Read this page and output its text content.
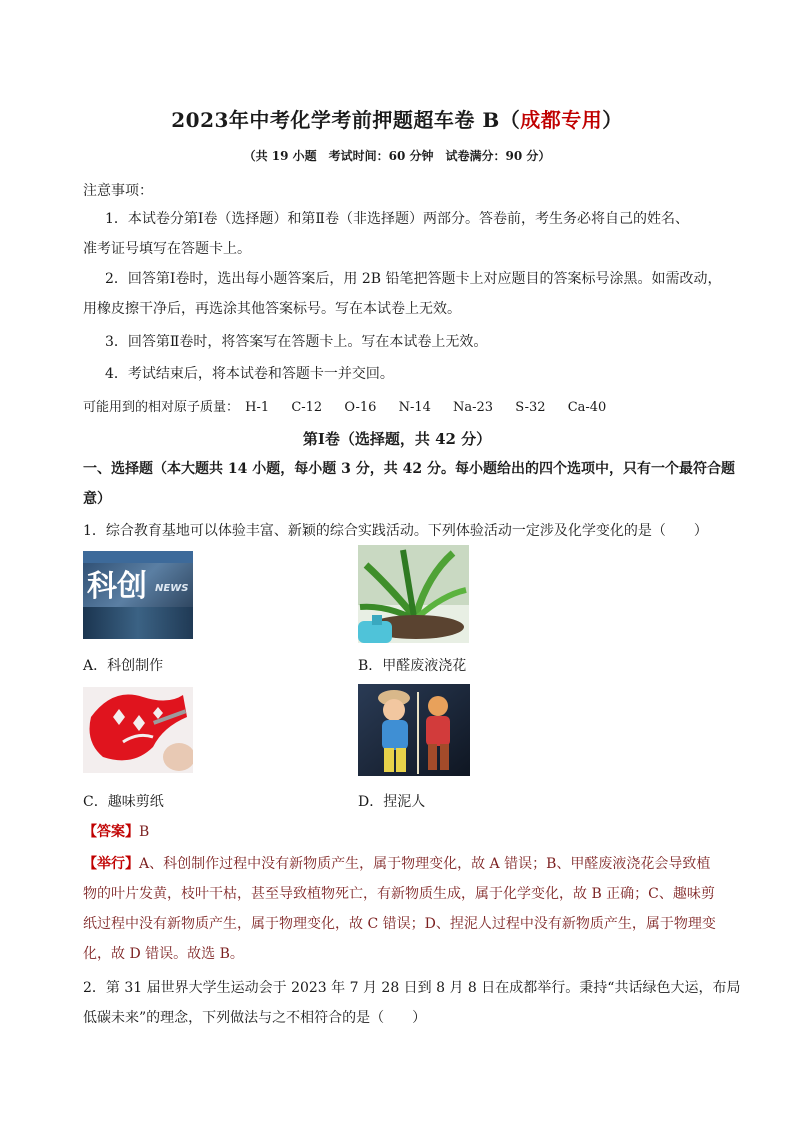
2023年中考化学考前押题超车卷 B（成都专用）
（共 19 小题　考试时间：60 分钟　试卷满分：90 分）
注意事项：
1．本试卷分第Ⅰ卷（选择题）和第Ⅱ卷（非选择题）两部分。答卷前，考生务必将自己的姓名、
准考证号填写在答题卡上。
2．回答第Ⅰ卷时，选出每小题答案后，用 2B 铅笔把答题卡上对应题目的答案标号涂黑。如需改动，
用橡皮擦干净后，再选涂其他答案标号。写在本试卷上无效。
3．回答第Ⅱ卷时，将答案写在答题卡上。写在本试卷上无效。
4．考试结束后，将本试卷和答题卡一并交回。
可能用到的相对原子质量： H-1 C-12 O-16 N-14 Na-23 S-32 Ca-40
第Ⅰ卷（选择题，共 42 分）
一、选择题（本大题共 14 小题，每小题 3 分，共 42 分。每小题给出的四个选项中，只有一个最符合题
意）
1．综合教育基地可以体验丰富、新颖的综合实践活动。下列体验活动一定涉及化学变化的是（　　）
科创 NEWS
A．科创制作	B．甲醛废液浇花
C．趣味剪纸	D．捏泥人
【答案】B
【举行】A、科创制作过程中没有新物质产生，属于物理变化，故 A 错误；B、甲醛废液浇花会导致植
物的叶片发黄，枝叶干枯，甚至导致植物死亡，有新物质生成，属于化学变化，故 B 正确；C、趣味剪
纸过程中没有新物质产生，属于物理变化，故 C 错误；D、捏泥人过程中没有新物质产生，属于物理变
化，故 D 错误。故选 B。
2．第 31 届世界大学生运动会于 2023 年 7 月 28 日到 8 月 8 日在成都举行。秉持“共话绿色大运，布局
低碳未来”的理念，下列做法与之不相符合的是（　　）
